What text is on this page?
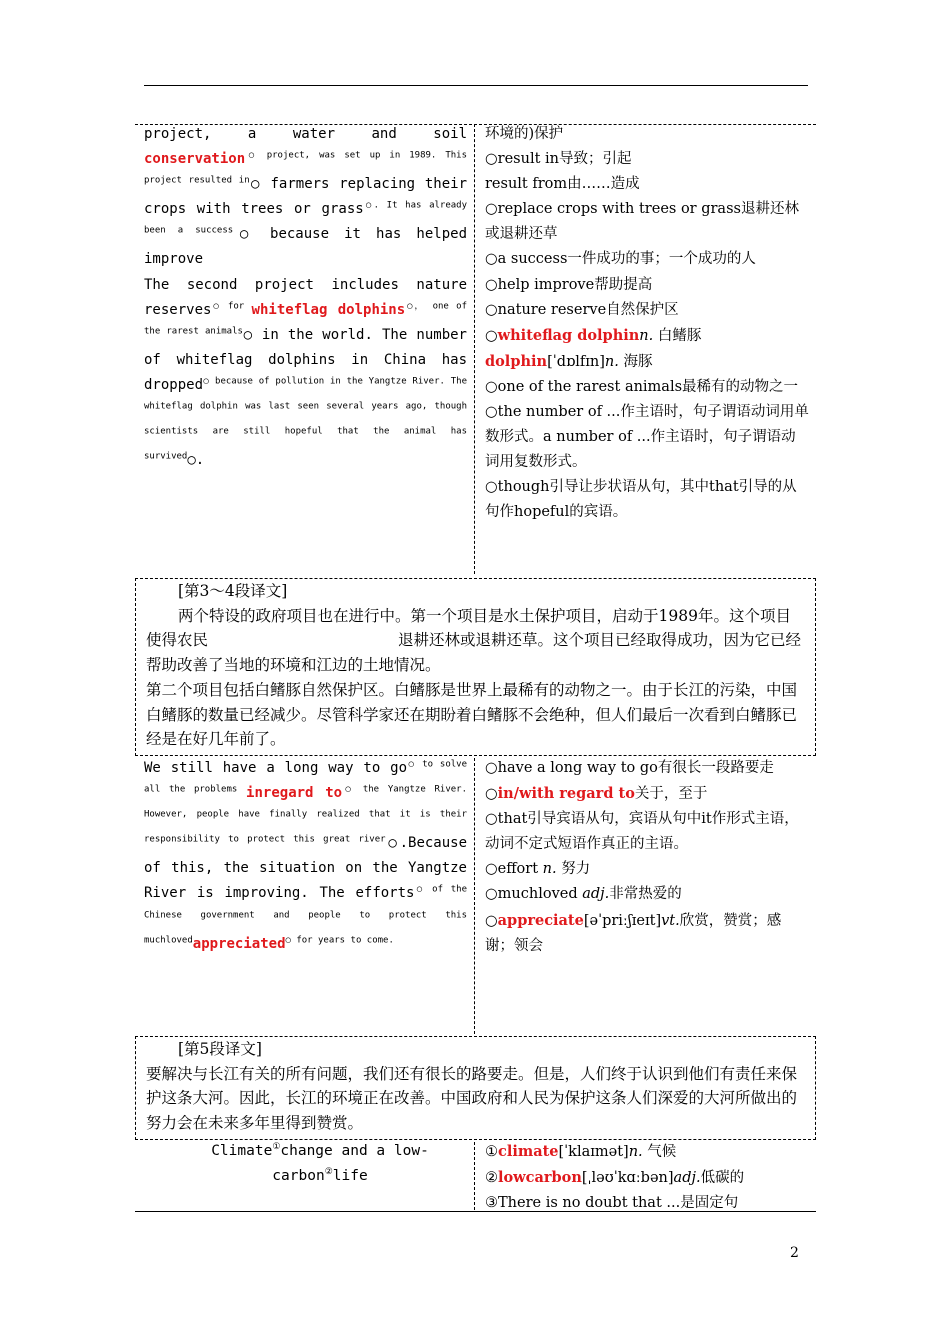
project, a water and soil conservation$^{○ project, was set up in 1989. This project resulted in}$○ farmers replacing their crops with trees or grass$^{○. It has already been a success}$○ because it has helped improve

The second project includes nature reserves$^{○ for}$ whiteflag dolphins$^{○, one of the rarest animals}$○ in the world. The number of whiteflag dolphins in China has dropped$^{○ because of pollution in the Yangtze River. The whiteflag dolphin was last seen several years ago, though scientists are still hopeful that the animal has survived}$○.

环境的)保护
○result in导致；引起
result from由……造成
○replace crops with trees or grass退耕还林或退耕还草
○a success一件成功的事；一个成功的人
○help improve帮助提高
○nature reserve自然保护区
○whiteflag dolphinn. 白鳍豚
dolphin[ˈdɒlfɪn]n. 海豚
○one of the rarest animals最稀有的动物之一
○the number of ...作主语时，句子谓语动词用单数形式。a number of ...作主语时，句子谓语动词用复数形式。
○though引导让步状语从句，其中that引导的从句作hopeful的宾语。

[第3～4段译文]

两个特设的政府项目也在进行中。第一个项目是水土保护项目，启动于1989年。这个项目使得农民	退耕还林或退耕还草。这个项目已经取得成功，因为它已经帮助改善了当地的环境和江边的土地情况。

第二个项目包括白鳍豚自然保护区。白鳍豚是世界上最稀有的动物之一。由于长江的污染，中国白鳍豚的数量已经减少。尽管科学家还在期盼着白鳍豚不会绝种，但人们最后一次看到白鳍豚已经是在好几年前了。

We still have a long way to $go^{○ to solve all the problems}$ inregard $to^{○ the Yangtze River. However, people have finally realized that it is their responsibility to protect this great river}○.Because$ of this, the situation on the Yangtze River is improving. The efforts$^{○ of the Chinese government and people to protect this muchloved}$appreciated$^{○ for years to come.}$

○have a long way to go有很长一段路要走
○in/with regard to关于，至于
○that引导宾语从句，宾语从句中it作形式主语，动词不定式短语作真正的主语。
○effort n. 努力
○muchloved adj.非常热爱的
○appreciate[əˈpriːʃɪeɪt]vt.欣赏，赞赏；感谢；领会

[第5段译文]

要解决与长江有关的所有问题，我们还有很长的路要走。但是，人们终于认识到他们有责任来保护这条大河。因此，长江的环境正在改善。中国政府和人民为保护这条人们深爱的大河所做出的努力会在未来多年里得到赞赏。

Climate①change and a low-
carbon②life
①climate[ˈklaɪmət]n. 气候
②lowcarbon[ˌləʊˈkɑːbən]adj.低碳的
③There is no doubt that ...是固定句
2
